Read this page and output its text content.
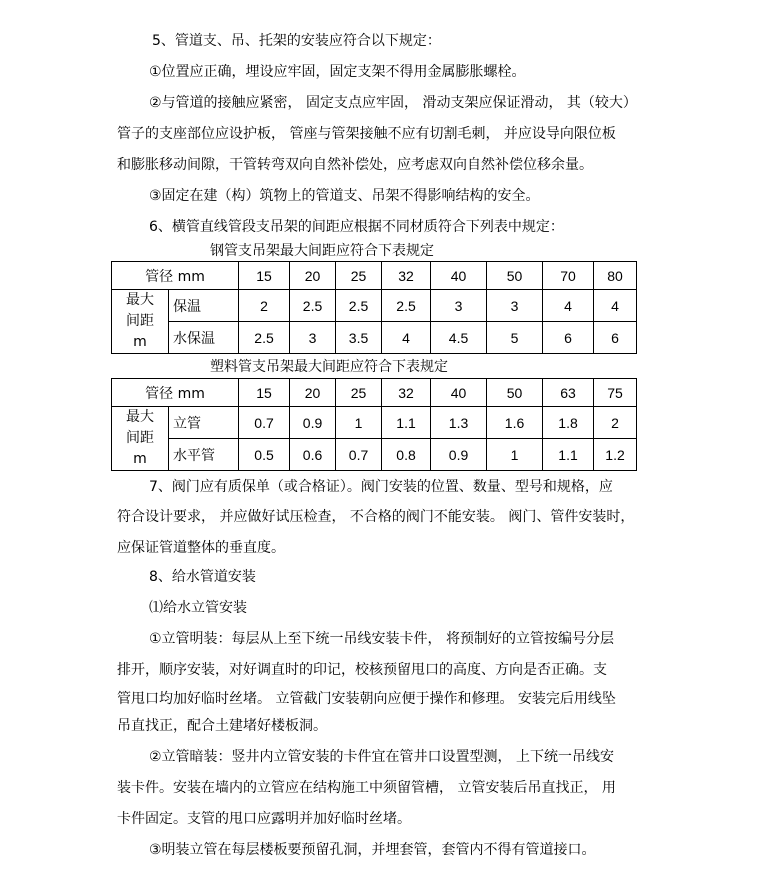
5、管道支、吊、托架的安装应符合以下规定：
①位置应正确，埋设应牢固，固定支架不得用金属膨胀螺栓。
②与管道的接触应紧密， 固定支点应牢固， 滑动支架应保证滑动， 其（较大）
管子的支座部位应设护板， 管座与管架接触不应有切割毛刺， 并应设导向限位板
和膨胀移动间隙，干管转弯双向自然补偿处，应考虑双向自然补偿位移余量。
③固定在建（构）筑物上的管道支、吊架不得影响结构的安全。
6、横管直线管段支吊架的间距应根据不同材质符合下列表中规定：
钢管支吊架最大间距应符合下表规定
管径 mm		15	20	25	32	40	50	70	80

最大
间距
m	保温	2	2.5	2.5	2.5	3	3	4	4
	水保温	2.5	3	3.5	4	4.5	5	6	6
塑料管支吊架最大间距应符合下表规定
管径 mm		15	20	25	32	40	50	63	75

最大
间距
m	立管	0.7	0.9	1	1.1	1.3	1.6	1.8	2
	水平管	0.5	0.6	0.7	0.8	0.9	1	1.1	1.2
7、阀门应有质保单（或合格证）。阀门安装的位置、数量、型号和规格，应
符合设计要求， 并应做好试压检查， 不合格的阀门不能安装。 阀门、管件安装时，
应保证管道整体的垂直度。
8、给水管道安装
⑴给水立管安装
①立管明装：每层从上至下统一吊线安装卡件， 将预制好的立管按编号分层
排开，顺序安装，对好调直时的印记，校核预留甩口的高度、方向是否正确。支
管甩口均加好临时丝堵。 立管截门安装朝向应便于操作和修理。 安装完后用线坠
吊直找正，配合土建堵好楼板洞。
②立管暗装：竖井内立管安装的卡件宜在管井口设置型测， 上下统一吊线安
装卡件。安装在墙内的立管应在结构施工中须留管槽， 立管安装后吊直找正， 用
卡件固定。支管的甩口应露明并加好临时丝堵。
③明装立管在每层楼板要预留孔洞，并埋套管，套管内不得有管道接口。
